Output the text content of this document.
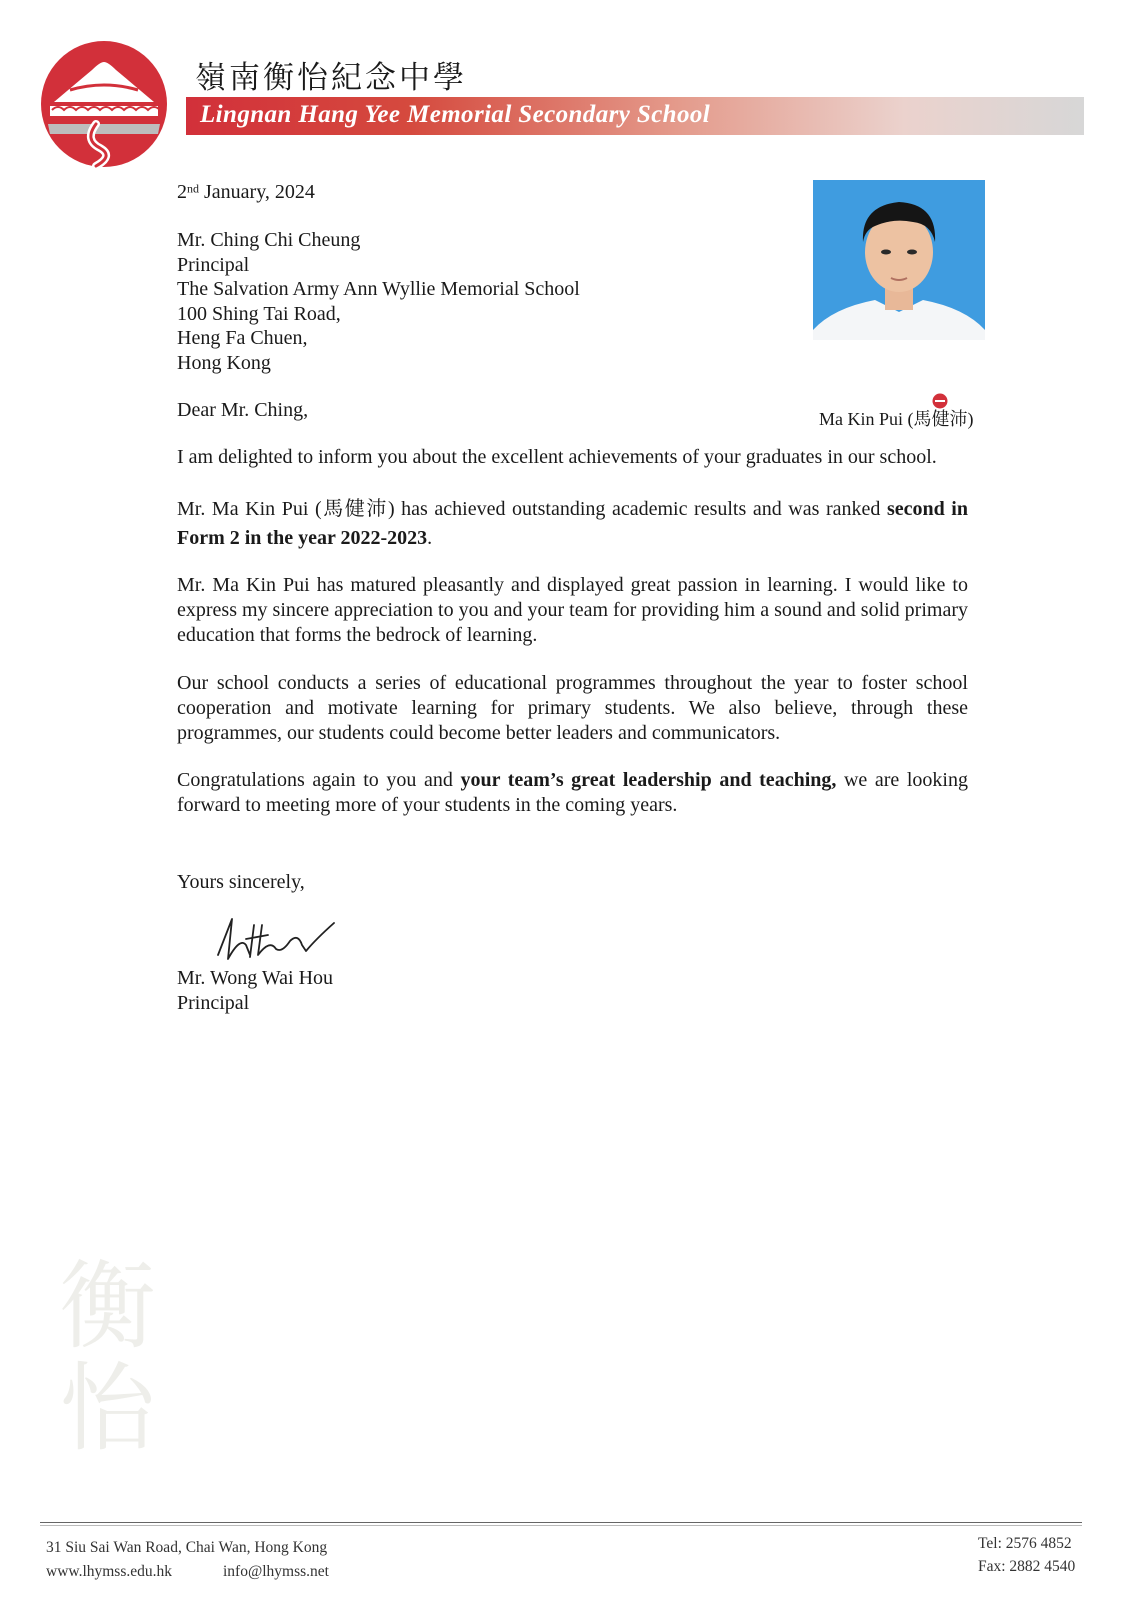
嶺南衡怡紀念中學
Lingnan Hang Yee Memorial Secondary School
2nd January, 2024
Mr. Ching Chi Cheung
Principal
The Salvation Army Ann Wyllie Memorial School
100 Shing Tai Road,
Heng Fa Chuen,
Hong Kong
Ma Kin Pui (馬健沛)
Dear Mr. Ching,
I am delighted to inform you about the excellent achievements of your graduates in our school.
Mr. Ma Kin Pui (馬健沛) has achieved outstanding academic results and was ranked second in Form 2 in the year 2022-2023.
Mr. Ma Kin Pui has matured pleasantly and displayed great passion in learning. I would like to express my sincere appreciation to you and your team for providing him a sound and solid primary education that forms the bedrock of learning.
Our school conducts a series of educational programmes throughout the year to foster school cooperation and motivate learning for primary students. We also believe, through these programmes, our students could become better leaders and communicators.
Congratulations again to you and your team’s great leadership and teaching, we are looking forward to meeting more of your students in the coming years.
Yours sincerely,
Mr. Wong Wai Hou
Principal
衡怡
31 Siu Sai Wan Road, Chai Wan, Hong Kong
www.lhymss.edu.hk	info@lhymss.net
Tel: 2576 4852
Fax: 2882 4540
